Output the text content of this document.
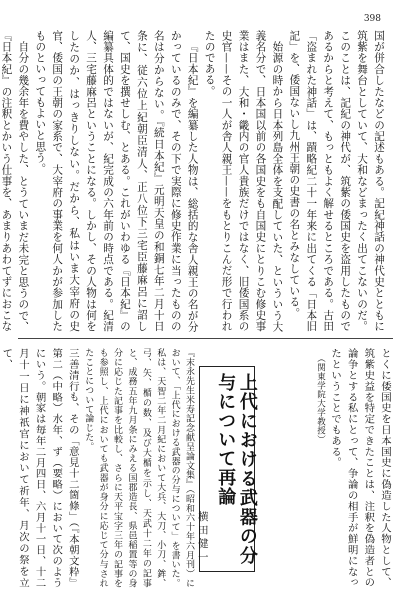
398

国が併合したなどの記述もある。記紀神話の神代史とともに筑紫を舞台としていて、大和などまったく出てこないのだ。このことは、記紀の神代が、筑紫の倭国史を盗用したものであるからと考えて、もっともよく解せるところである。古田「盗まれた神話」は、蹟略紀二十一年来に出てくる「日本旧記」を、倭国ないし九州王朝の史書の名とみなしている。

始源の時から日本列島全体を支配していた、といういう大義名分で、日本国以前の各国史をも自国史にとりこむ修史事業はまた、大和・畿内の官人貴族だけではなく、旧倭国系の史官——その一人が舎人親王——をもとりこんだ形で行われたのである。

『日本紀』を編纂した人物は、総括的な舎人親王の名が分かっているのみで、その下で実際に修史作業に当ったものの名は分からない。『続日本紀』元明天皇の和銅七年二月十日条に、従六位上紀朝臣清人、正八位下三宅臣藤麻呂に詔して、国史を撰せしむ、とある。これがいわゆる『日本紀』の編纂具体的ではないが、紀完成の六年前の時点である。紀清人、三宅藤麻呂ということになる。しかし、その人物は何をしたのか、はっきりしない。だから、私はいま大宰府の史官、倭国の王朝の家系で、大宰府の事業を何人かが参加したものといってもよいと思う。

自分の幾余年を費やした、とうていまだ未完と思うので、『日本紀』の注釈とかいう仕事を、あまりあわてずにおこな

とくに倭国史を日本国史に偽造した人物として、筑紫史益を特定できたことは、注釈を偽造者との論争とする私にとって、争論の相手が鮮明になったということでもある。

（関東学院大学教授）

上代における武器の分与について再論
横田健一

『末永先生米寿記念献呈論文集』（昭和六十年六月刊）において、「上代における武器の分与について」を書いた。私は、天智二年二月紀において大兵、大刀、小刀、鉾、弓、矢、楯の数、及び大楯を示し、天武十二年の記事と、成務五年九月条にみえる国郡造長、県邑稲置等の身分に応じた記事を比較し、さらに天平宝字三年の記事をも参照し、上代においても武器が身分に応じて分与されたことについて論じた。

三善清行も、その「意見十二箇條」（『本朝文粋』第二（中略）水年、ず（要略）において次のようにいう。朝家は毎年二月四日、六月十一日、十二月十一日に神祇官において祈年、月次の祭を立て、
